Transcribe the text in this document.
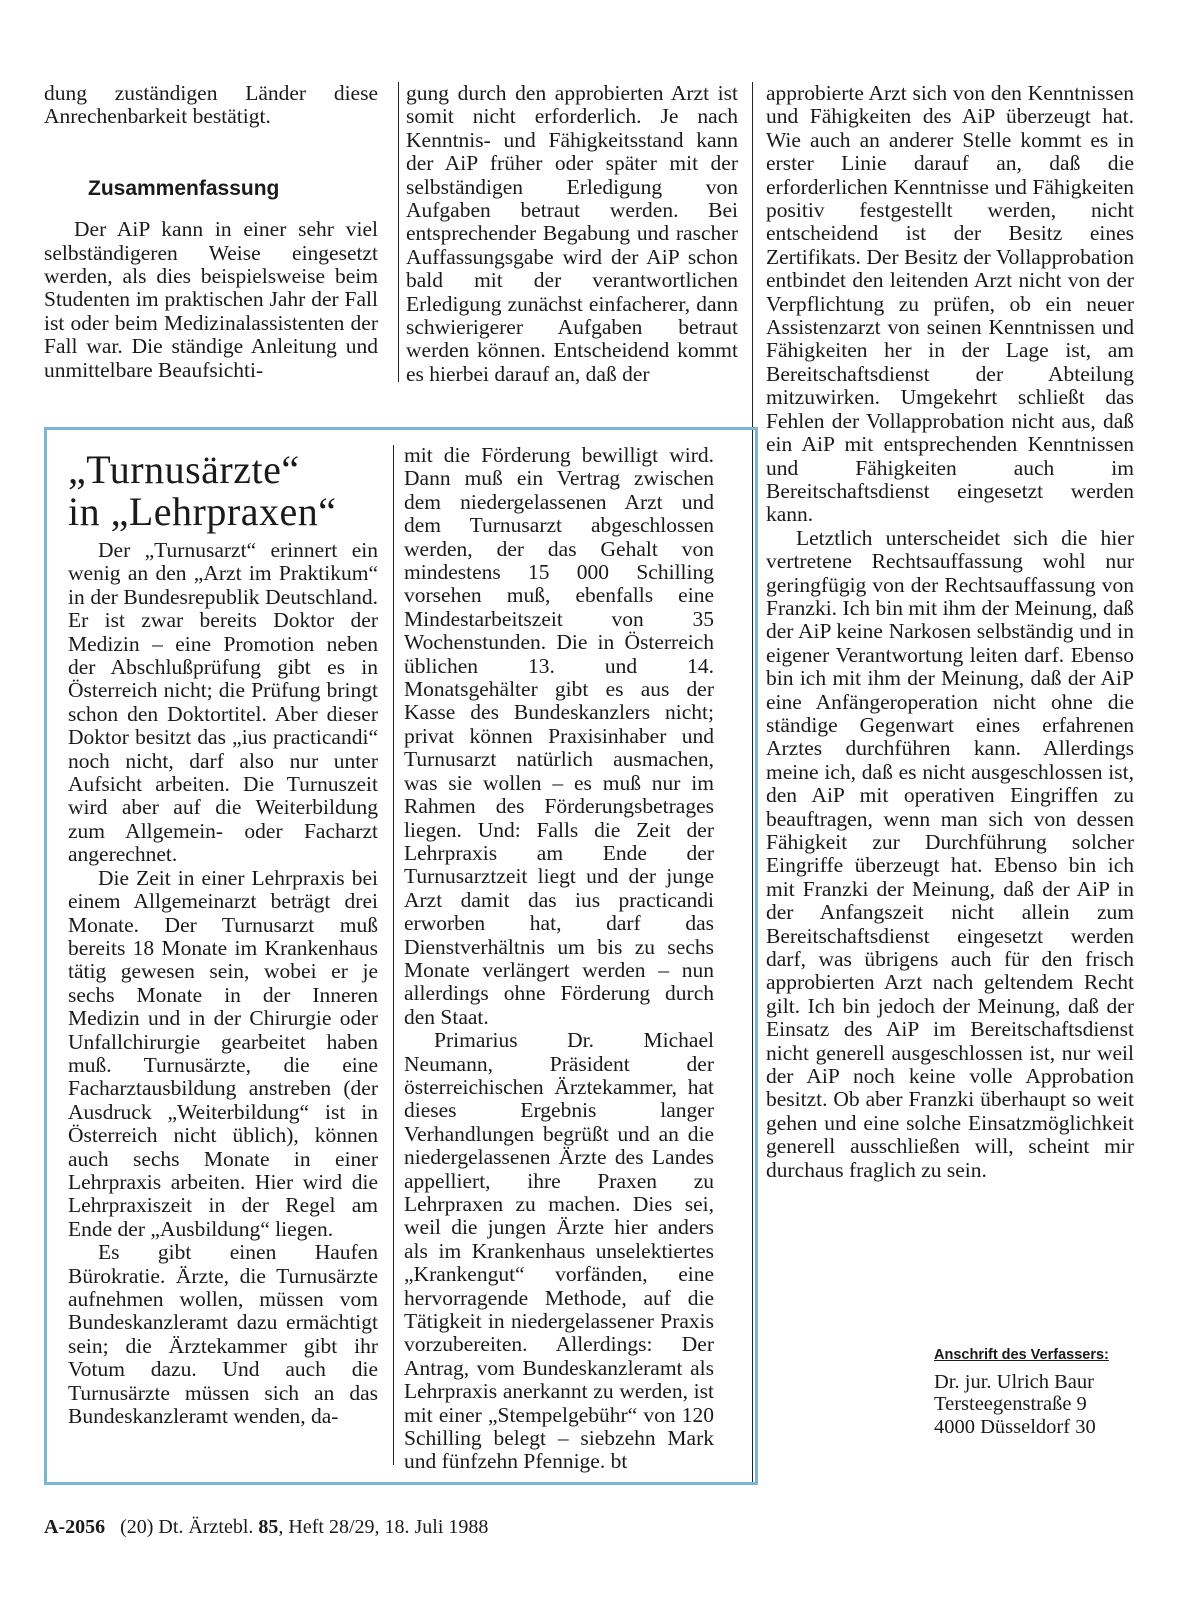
dung zuständigen Länder diese Anrechenbarkeit bestätigt.

Zusammenfassung

Der AiP kann in einer sehr viel selbständigeren Weise eingesetzt werden, als dies beispielsweise beim Studenten im praktischen Jahr der Fall ist oder beim Medizinalassistenten der Fall war. Die ständige Anleitung und unmittelbare Beaufsichti-

gung durch den approbierten Arzt ist somit nicht erforderlich. Je nach Kenntnis- und Fähigkeitsstand kann der AiP früher oder später mit der selbständigen Erledigung von Aufgaben betraut werden. Bei entsprechender Begabung und rascher Auffassungsgabe wird der AiP schon bald mit der verantwortlichen Erledigung zunächst einfacherer, dann schwierigerer Aufgaben betraut werden können. Entscheidend kommt es hierbei darauf an, daß der

„Turnusärzte“
in „Lehrpraxen“

Der „Turnusarzt“ erinnert ein wenig an den „Arzt im Praktikum“ in der Bundesrepublik Deutschland. Er ist zwar bereits Doktor der Medizin – eine Promotion neben der Abschlußprüfung gibt es in Österreich nicht; die Prüfung bringt schon den Doktortitel. Aber dieser Doktor besitzt das „ius practicandi“ noch nicht, darf also nur unter Aufsicht arbeiten. Die Turnuszeit wird aber auf die Weiterbildung zum Allgemein- oder Facharzt angerechnet.

Die Zeit in einer Lehrpraxis bei einem Allgemeinarzt beträgt drei Monate. Der Turnusarzt muß bereits 18 Monate im Krankenhaus tätig gewesen sein, wobei er je sechs Monate in der Inneren Medizin und in der Chirurgie oder Unfallchirurgie gearbeitet haben muß. Turnusärzte, die eine Facharztausbildung anstreben (der Ausdruck „Weiterbildung“ ist in Österreich nicht üblich), können auch sechs Monate in einer Lehrpraxis arbeiten. Hier wird die Lehrpraxiszeit in der Regel am Ende der „Ausbildung“ liegen.

Es gibt einen Haufen Bürokratie. Ärzte, die Turnusärzte aufnehmen wollen, müssen vom Bundeskanzleramt dazu ermächtigt sein; die Ärztekammer gibt ihr Votum dazu. Und auch die Turnusärzte müssen sich an das Bundeskanzleramt wenden, da-

mit die Förderung bewilligt wird. Dann muß ein Vertrag zwischen dem niedergelassenen Arzt und dem Turnusarzt abgeschlossen werden, der das Gehalt von mindestens 15 000 Schilling vorsehen muß, ebenfalls eine Mindestarbeitszeit von 35 Wochenstunden. Die in Österreich üblichen 13. und 14. Monatsgehälter gibt es aus der Kasse des Bundeskanzlers nicht; privat können Praxisinhaber und Turnusarzt natürlich ausmachen, was sie wollen – es muß nur im Rahmen des Förderungsbetrages liegen. Und: Falls die Zeit der Lehrpraxis am Ende der Turnusarztzeit liegt und der junge Arzt damit das ius practicandi erworben hat, darf das Dienstverhältnis um bis zu sechs Monate verlängert werden – nun allerdings ohne Förderung durch den Staat.

Primarius Dr. Michael Neumann, Präsident der österreichischen Ärztekammer, hat dieses Ergebnis langer Verhandlungen begrüßt und an die niedergelassenen Ärzte des Landes appelliert, ihre Praxen zu Lehrpraxen zu machen. Dies sei, weil die jungen Ärzte hier anders als im Krankenhaus unselektiertes „Krankengut“ vorfänden, eine hervorragende Methode, auf die Tätigkeit in niedergelassener Praxis vorzubereiten. Allerdings: Der Antrag, vom Bundeskanzleramt als Lehrpraxis anerkannt zu werden, ist mit einer „Stempelgebühr“ von 120 Schilling belegt – siebzehn Mark und fünfzehn Pfennige. bt

approbierte Arzt sich von den Kenntnissen und Fähigkeiten des AiP überzeugt hat. Wie auch an anderer Stelle kommt es in erster Linie darauf an, daß die erforderlichen Kenntnisse und Fähigkeiten positiv festgestellt werden, nicht entscheidend ist der Besitz eines Zertifikats. Der Besitz der Vollapprobation entbindet den leitenden Arzt nicht von der Verpflichtung zu prüfen, ob ein neuer Assistenzarzt von seinen Kenntnissen und Fähigkeiten her in der Lage ist, am Bereitschaftsdienst der Abteilung mitzuwirken. Umgekehrt schließt das Fehlen der Vollapprobation nicht aus, daß ein AiP mit entsprechenden Kenntnissen und Fähigkeiten auch im Bereitschaftsdienst eingesetzt werden kann.

Letztlich unterscheidet sich die hier vertretene Rechtsauffassung wohl nur geringfügig von der Rechtsauffassung von Franzki. Ich bin mit ihm der Meinung, daß der AiP keine Narkosen selbständig und in eigener Verantwortung leiten darf. Ebenso bin ich mit ihm der Meinung, daß der AiP eine Anfängeroperation nicht ohne die ständige Gegenwart eines erfahrenen Arztes durchführen kann. Allerdings meine ich, daß es nicht ausgeschlossen ist, den AiP mit operativen Eingriffen zu beauftragen, wenn man sich von dessen Fähigkeit zur Durchführung solcher Eingriffe überzeugt hat. Ebenso bin ich mit Franzki der Meinung, daß der AiP in der Anfangszeit nicht allein zum Bereitschaftsdienst eingesetzt werden darf, was übrigens auch für den frisch approbierten Arzt nach geltendem Recht gilt. Ich bin jedoch der Meinung, daß der Einsatz des AiP im Bereitschaftsdienst nicht generell ausgeschlossen ist, nur weil der AiP noch keine volle Approbation besitzt. Ob aber Franzki überhaupt so weit gehen und eine solche Einsatzmöglichkeit generell ausschließen will, scheint mir durchaus fraglich zu sein.

Anschrift des Verfassers:
Dr. jur. Ulrich Baur
Tersteegenstraße 9
4000 Düsseldorf 30
A-2056 (20) Dt. Ärztebl. 85, Heft 28/29, 18. Juli 1988
